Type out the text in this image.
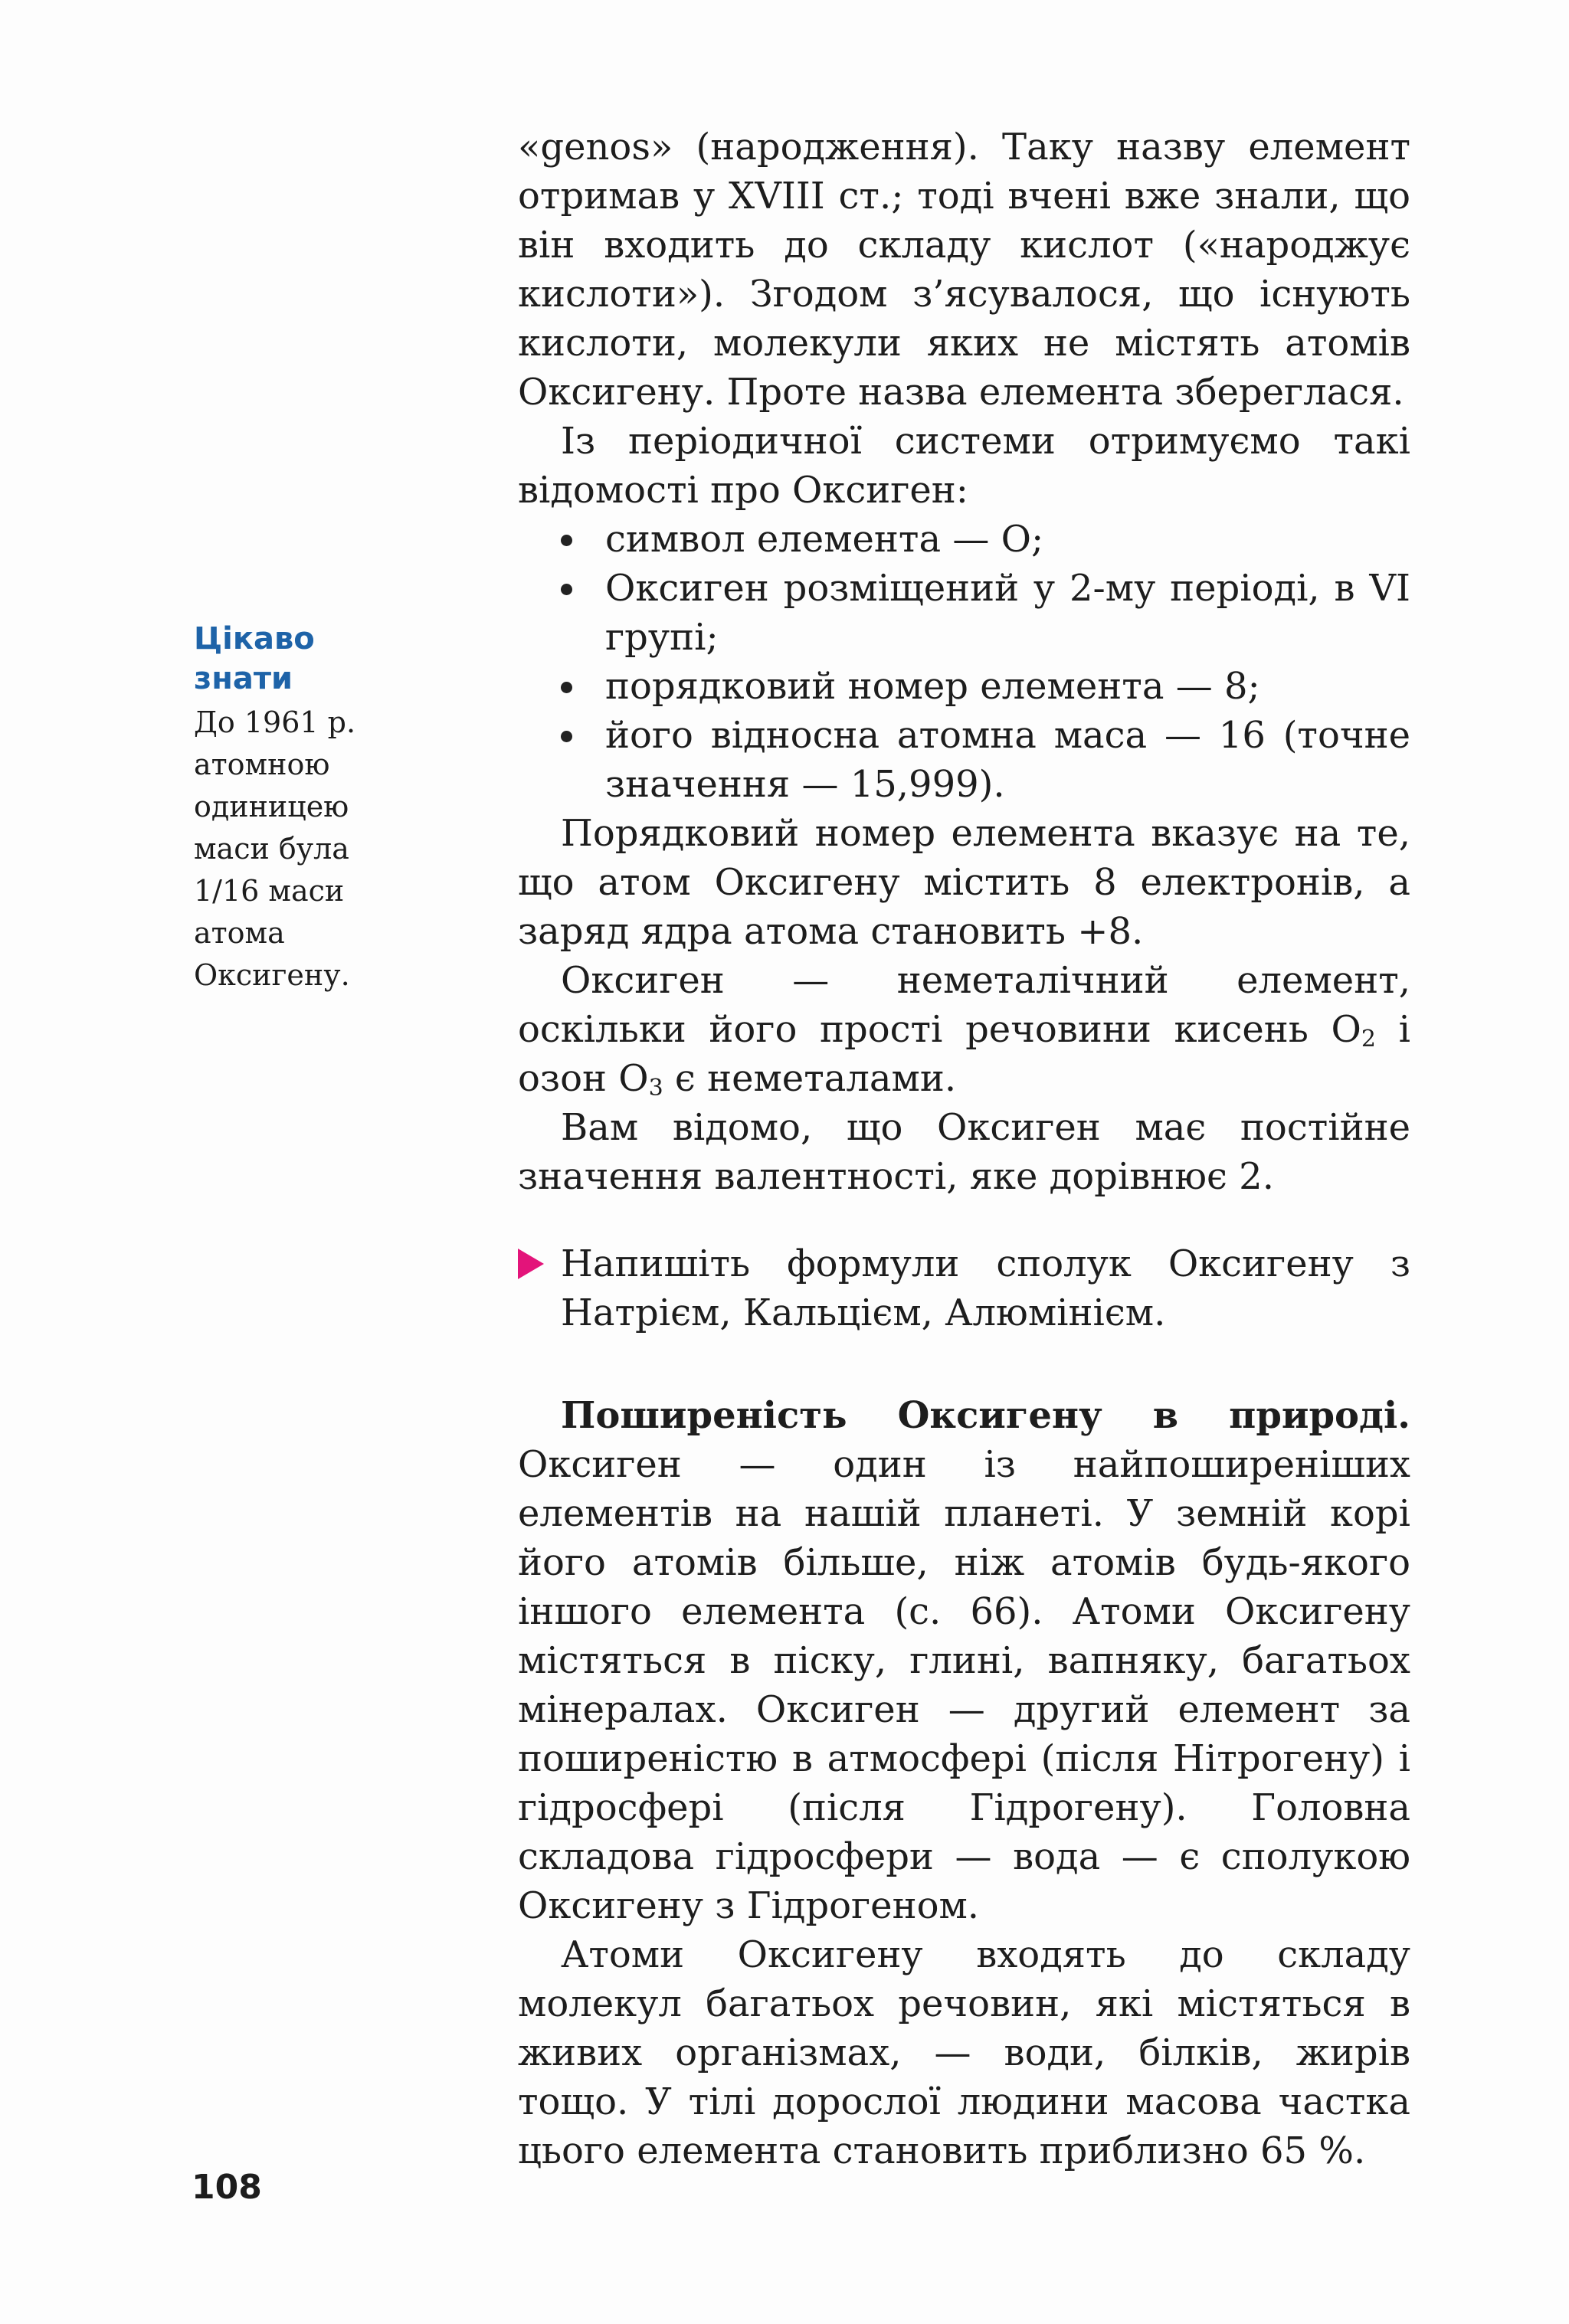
Цікаво знати
До 1961 р. атомною одиницею маси була 1/16 маси атома Оксигену.

«genos» (народження). Таку назву елемент отримав у XVIII ст.; тоді вчені вже знали, що він входить до складу кислот («народжує кислоти»). Згодом з’ясувалося, що існують кислоти, молекули яких не містять атомів Оксигену. Проте назва елемента збереглася.

Із періодичної системи отримуємо такі відомості про Оксиген:

символ елемента — O;
Оксиген розміщений у 2-му періоді, в VI групі;
порядковий номер елемента — 8;
його відносна атомна маса — 16 (точне значення — 15,999).

Порядковий номер елемента вказує на те, що атом Оксигену містить 8 електронів, а заряд ядра атома становить +8.

Оксиген — неметалічний елемент, оскільки його прості речовини кисень $O_2$ і озон $O_3$ є неметалами.

Вам відомо, що Оксиген має постійне значення валентності, яке дорівнює 2.

Напишіть формули сполук Оксигену з Натрієм, Кальцієм, Алюмінієм.

Поширеність Оксигену в природі. Оксиген — один із найпоширеніших елементів на нашій планеті. У земній корі його атомів більше, ніж атомів будь-якого іншого елемента (с. 66). Атоми Оксигену містяться в піску, глині, вапняку, багатьох мінералах. Оксиген — другий елемент за поширеністю в атмосфері (після Нітрогену) і гідросфері (після Гідрогену). Головна складова гідросфери — вода — є сполукою Оксигену з Гідрогеном.

Атоми Оксигену входять до складу молекул багатьох речовин, які містяться в живих організмах, — води, білків, жирів тощо. У тілі дорослої людини масова частка цього елемента становить приблизно 65 %.

108
